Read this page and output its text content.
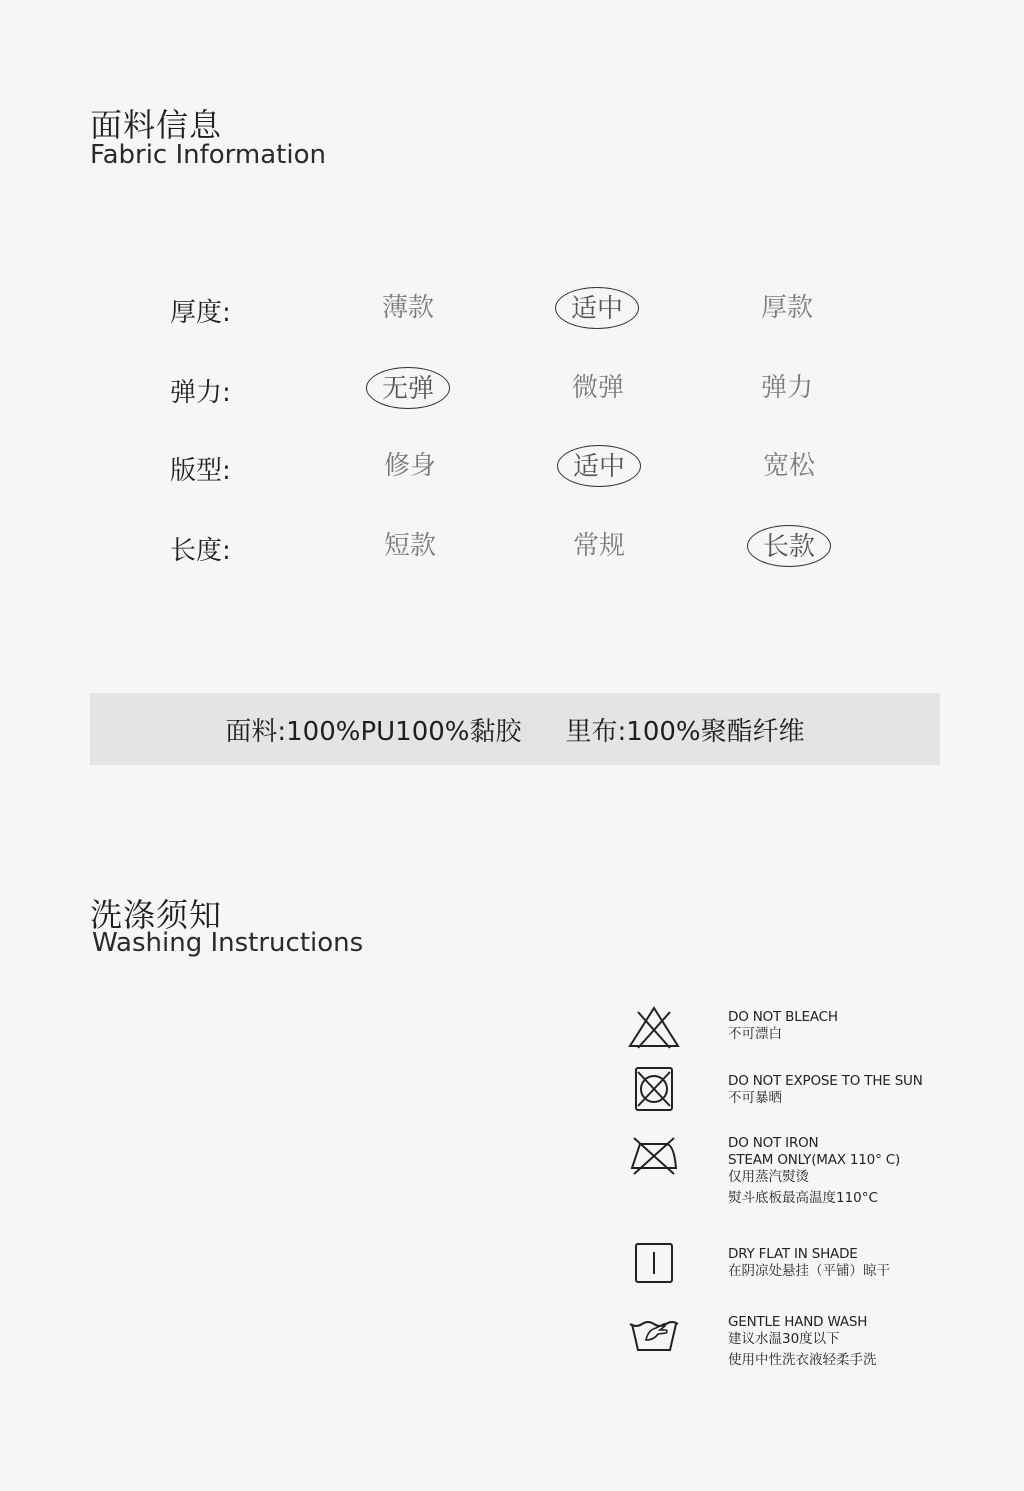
面料信息
Fabric Information
厚度:	薄款	适中	厚款
弹力:	无弹	微弹	弹力
版型:	修身	适中	宽松
长度:	短款	常规	长款
面料:100%PU100%黏胶 里布:100%聚酯纤维
洗涤须知
Washing Instructions
DO NOT BLEACH
不可漂白
DO NOT EXPOSE TO THE SUN
不可暴晒
DO NOT IRON
STEAM ONLY(MAX 110° C)
仅用蒸汽熨烫
熨斗底板最高温度110°C
DRY FLAT IN SHADE
在阴凉处悬挂（平铺）晾干
GENTLE HAND WASH
建议水温30度以下
使用中性洗衣液轻柔手洗
